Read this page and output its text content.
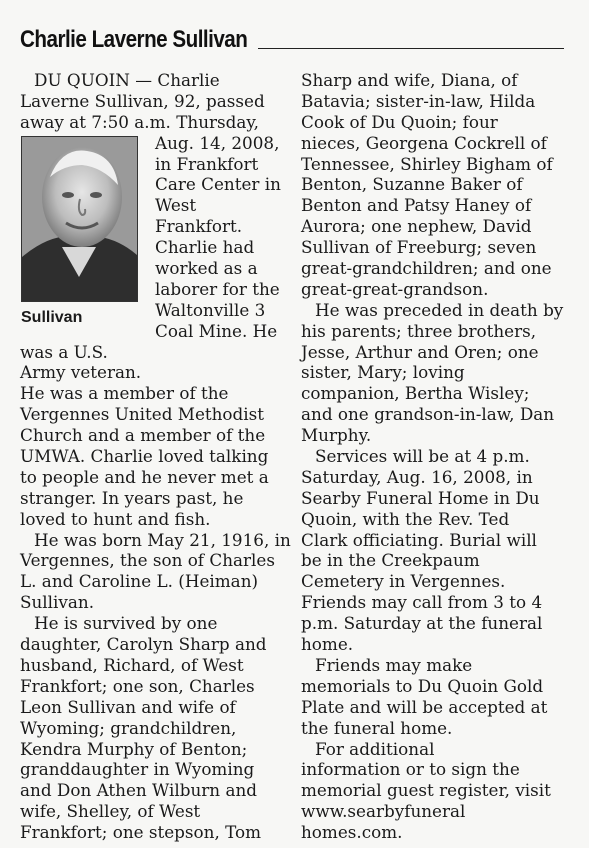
Charlie Laverne Sullivan
DU QUOIN — Charlie
Laverne Sullivan, 92, passed
away at 7:50 a.m. Thursday,
Sullivan
Aug. 14, 2008,
in Frankfort
Care Center in
West
Frankfort.
Charlie had
worked as a
laborer for the
Waltonville 3
Coal Mine. He
was a U.S.
Army veteran.
He was a member of the
Vergennes United Methodist
Church and a member of the
UMWA. Charlie loved talking
to people and he never met a
stranger. In years past, he
loved to hunt and fish.
He was born May 21, 1916, in
Vergennes, the son of Charles
L. and Caroline L. (Heiman)
Sullivan.
He is survived by one
daughter, Carolyn Sharp and
husband, Richard, of West
Frankfort; one son, Charles
Leon Sullivan and wife of
Wyoming; grandchildren,
Kendra Murphy of Benton;
granddaughter in Wyoming
and Don Athen Wilburn and
wife, Shelley, of West
Frankfort; one stepson, Tom
Sharp and wife, Diana, of
Batavia; sister-in-law, Hilda
Cook of Du Quoin; four
nieces, Georgena Cockrell of
Tennessee, Shirley Bigham of
Benton, Suzanne Baker of
Benton and Patsy Haney of
Aurora; one nephew, David
Sullivan of Freeburg; seven
great-grandchildren; and one
great-great-grandson.
He was preceded in death by
his parents; three brothers,
Jesse, Arthur and Oren; one
sister, Mary; loving
companion, Bertha Wisley;
and one grandson-in-law, Dan
Murphy.
Services will be at 4 p.m.
Saturday, Aug. 16, 2008, in
Searby Funeral Home in Du
Quoin, with the Rev. Ted
Clark officiating. Burial will
be in the Creekpaum
Cemetery in Vergennes.
Friends may call from 3 to 4
p.m. Saturday at the funeral
home.
Friends may make
memorials to Du Quoin Gold
Plate and will be accepted at
the funeral home.
For additional
information or to sign the
memorial guest register, visit
www.searbyfuneral
homes.com.
